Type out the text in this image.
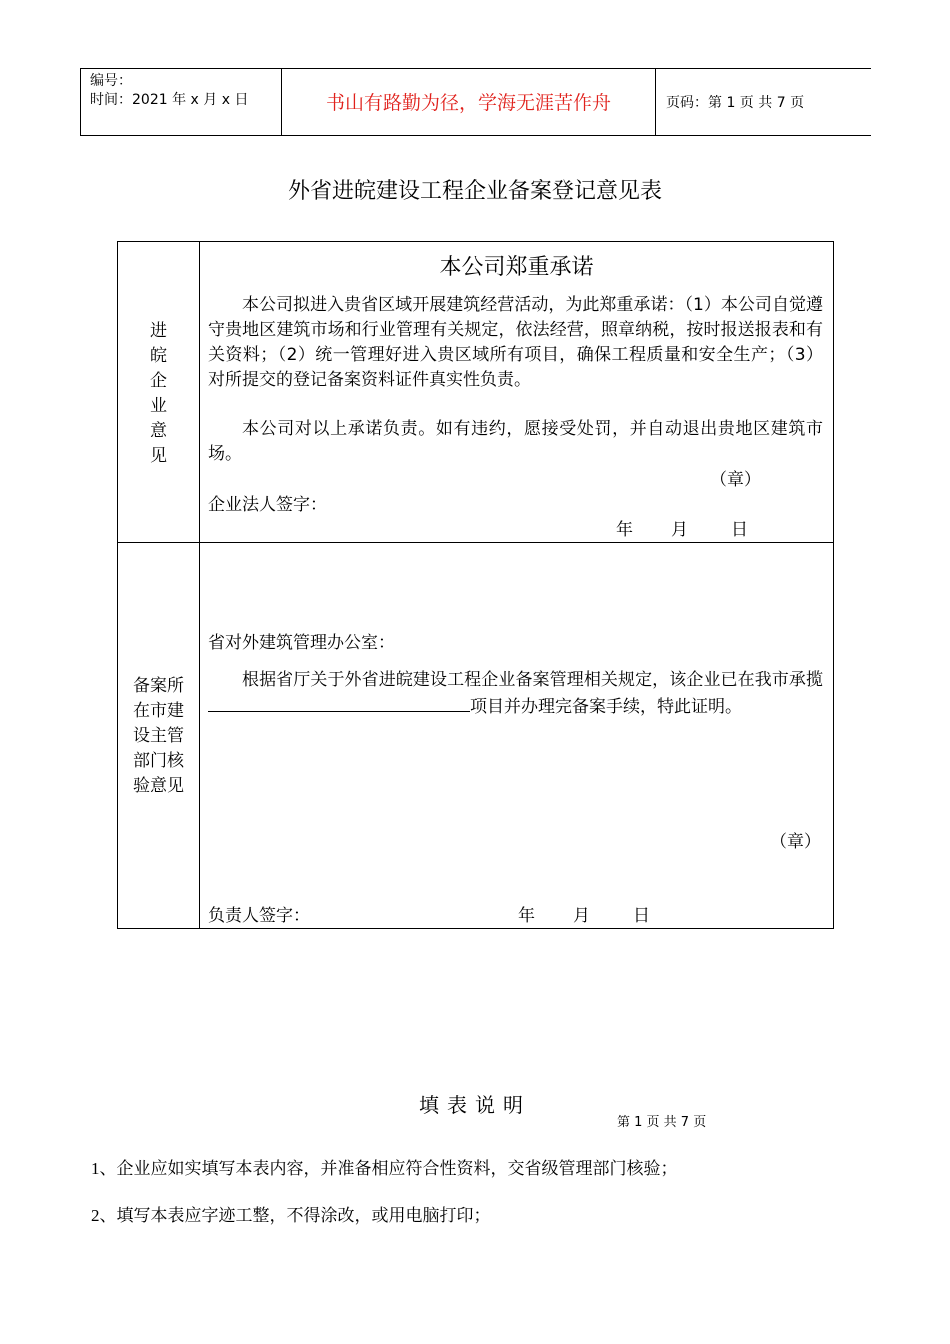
编号：
时间：2021 年 x 月 x 日	书山有路勤为径，学海无涯苦作舟	页码：第 1 页 共 7 页
外省进皖建设工程企业备案登记意见表
进
皖
企
业
意
见
本公司郑重承诺
本公司拟进入贵省区域开展建筑经营活动，为此郑重承诺：（1）本公司自觉遵守贵地区建筑市场和行业管理有关规定，依法经营，照章纳税，按时报送报表和有关资料；（2）统一管理好进入贵区域所有项目，确保工程质量和安全生产；（3）对所提交的登记备案资料证件真实性负责。
本公司对以上承诺负责。如有违约，愿接受处罚，并自动退出贵地区建筑市场。
（章）
企业法人签字：
年 月	日
备案所
在市建
设主管
部门核
验意见
省对外建筑管理办公室：
根据省厅关于外省进皖建设工程企业备案管理相关规定，该企业已在我市承揽项目并办理完备案手续，特此证明。
（章）
负责人签字：	年 月	日
填表说明
第 1 页 共 7 页
1、企业应如实填写本表内容，并准备相应符合性资料，交省级管理部门核验；
2、填写本表应字迹工整，不得涂改，或用电脑打印；
